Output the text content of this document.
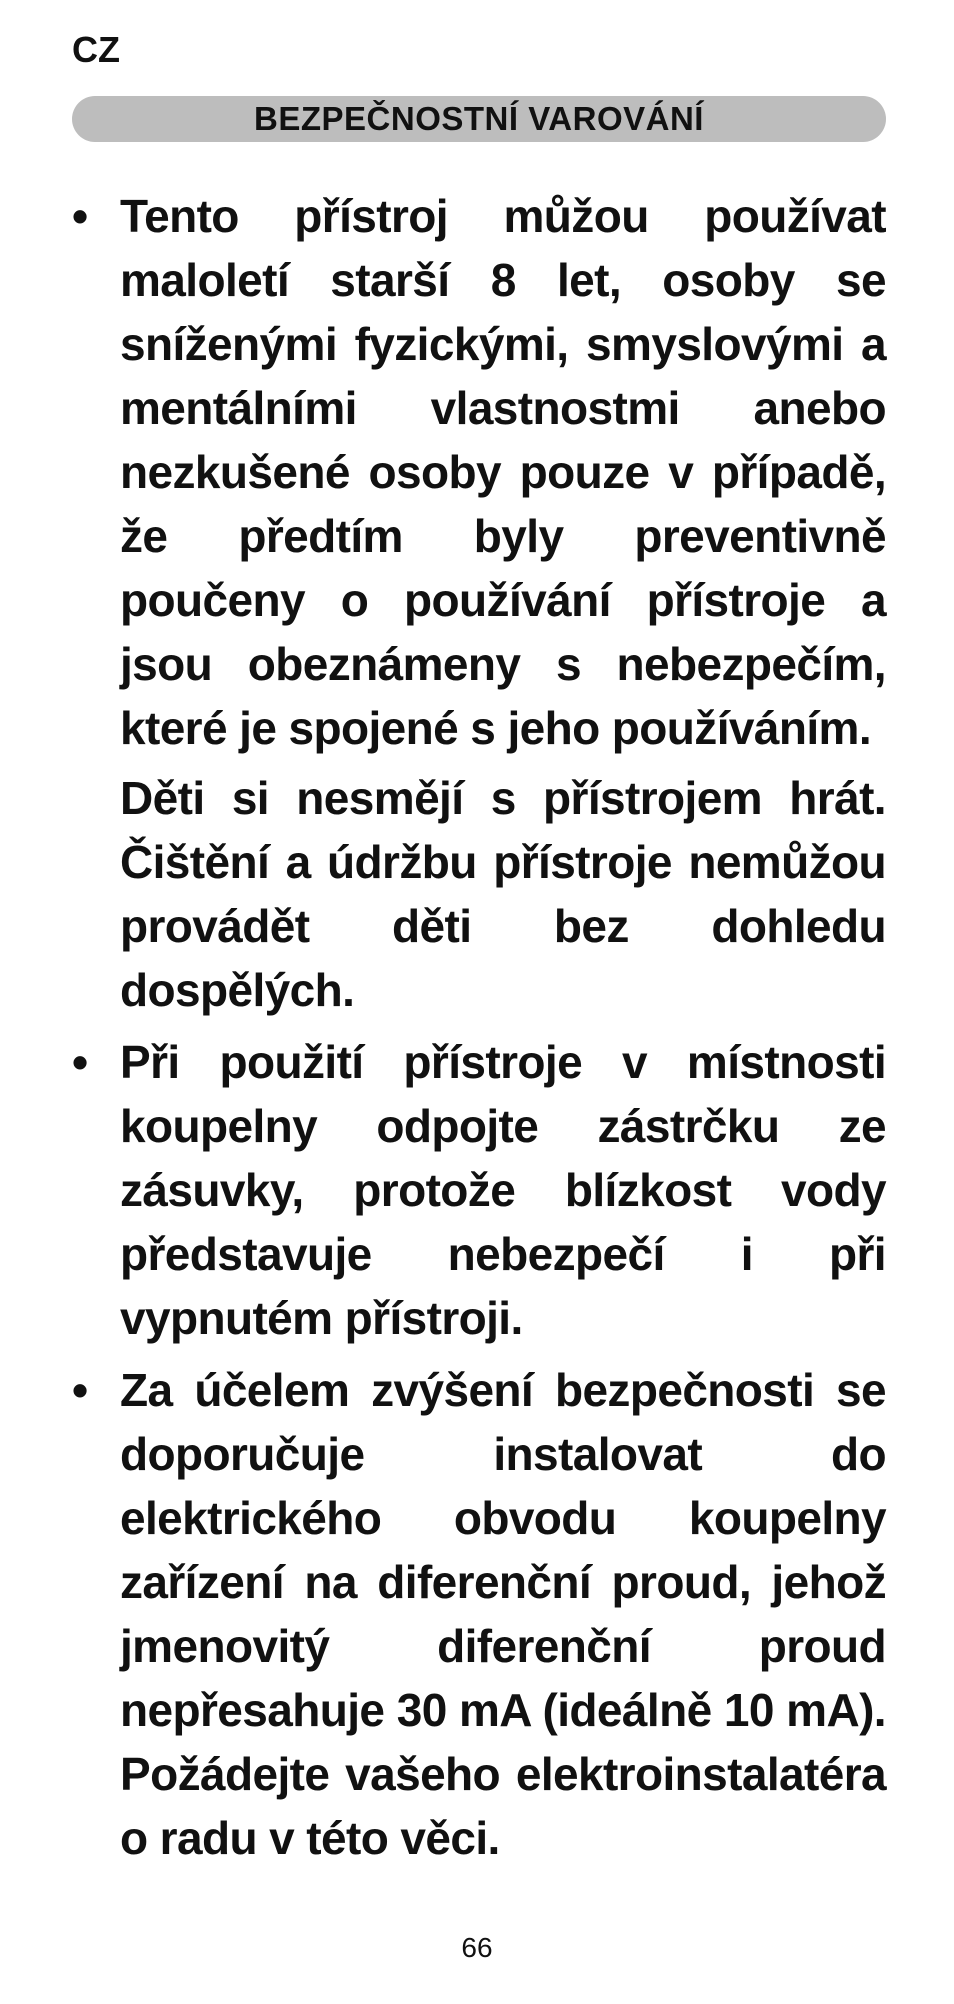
CZ
BEZPEČNOSTNÍ VAROVÁNÍ
• Tento přístroj můžou používat maloletí starší 8 let, osoby se sníženými fyzickými, smyslovými a mentálními vlastnostmi anebo nezkušené osoby pouze v případě, že předtím byly preventivně poučeny o používání přístroje a jsou obeznámeny s nebezpečím, které je spojené s jeho používáním.

Děti si nesmějí s přístrojem hrát. Čištění a údržbu přístroje nemůžou provádět děti bez dohledu dospělých.

• Při použití přístroje v místnosti koupelny odpojte zástrčku ze zásuvky, protože blízkost vody představuje nebezpečí i při vypnutém přístroji.

• Za účelem zvýšení bezpečnosti se doporučuje instalovat do elektrického obvodu koupelny zařízení na diferenční proud, jehož jmenovitý diferenční proud nepřesahuje 30 mA (ideálně 10 mA). Požádejte vašeho elektroinstalatéra o radu v této věci.

66
